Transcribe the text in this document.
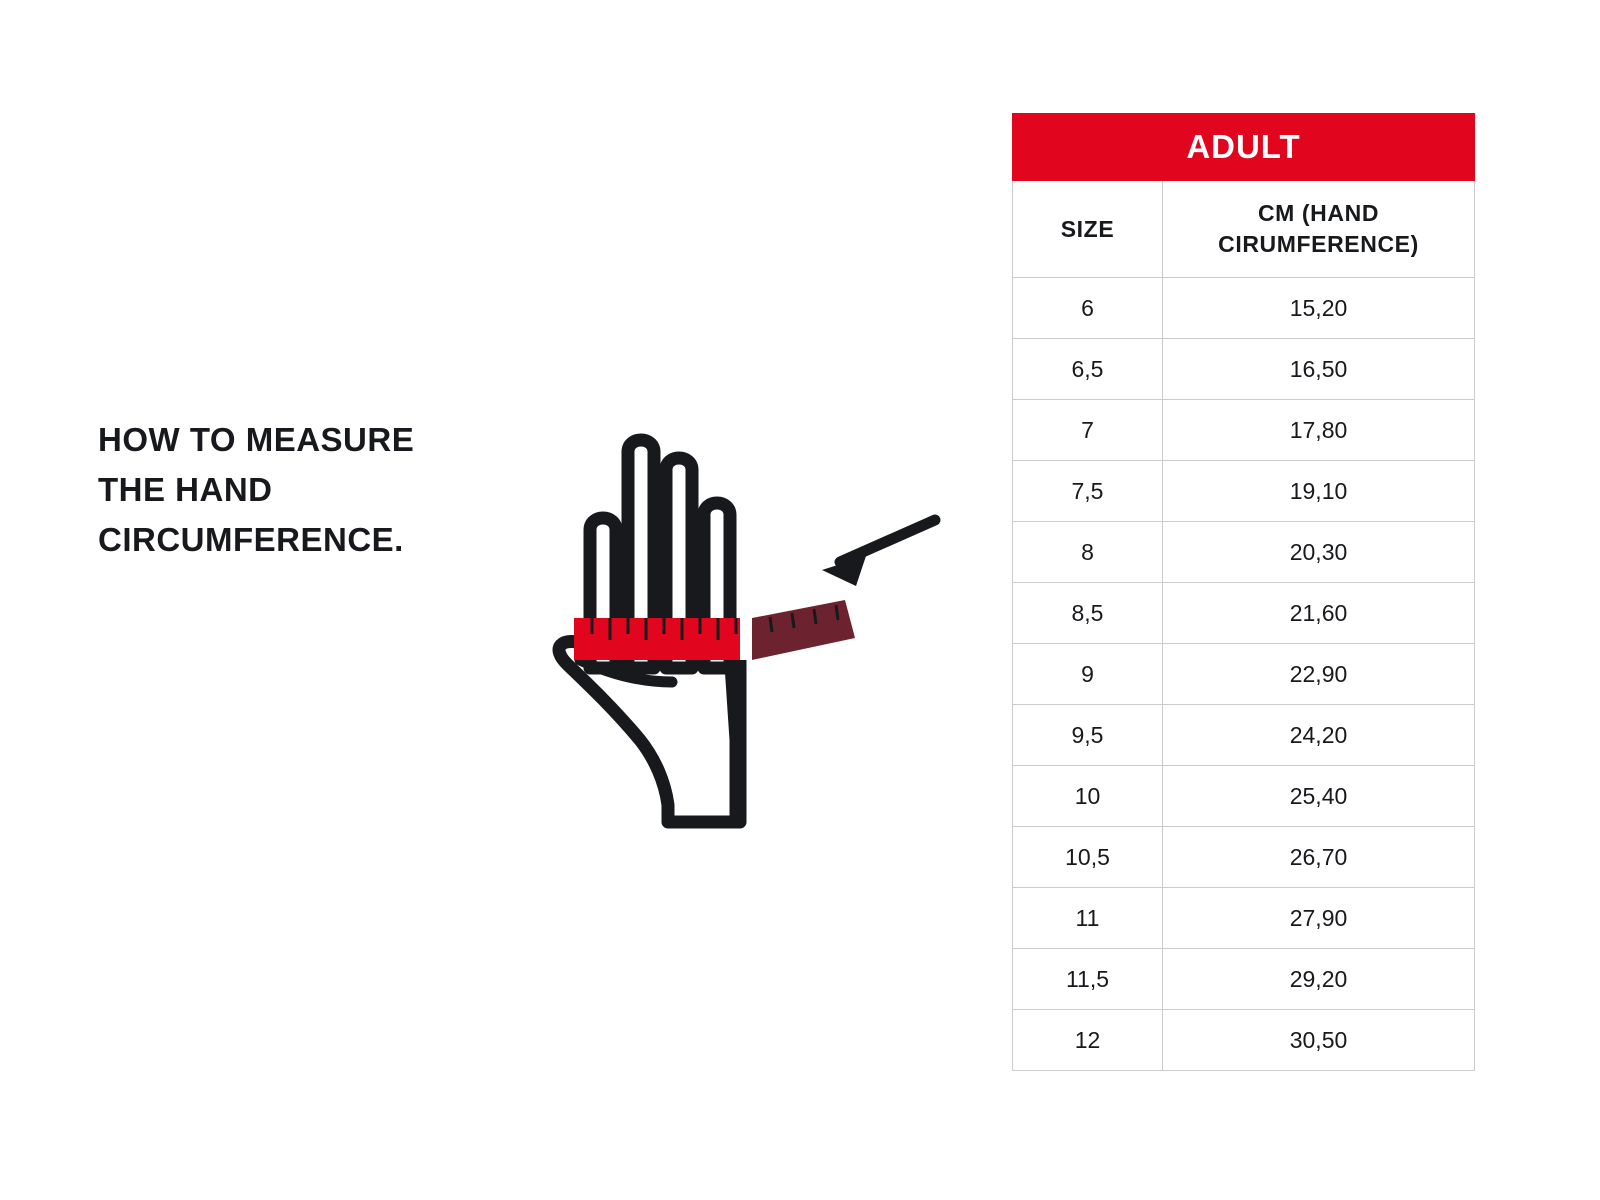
HOW TO MEASURE
THE HAND
CIRCUMFERENCE.
ADULT	
SIZE	CM (HAND CIRUMFERENCE)
6	15,20
6,5	16,50
7	17,80
7,5	19,10
8	20,30
8,5	21,60
9	22,90
9,5	24,20
10	25,40
10,5	26,70
11	27,90
11,5	29,20
12	30,50
